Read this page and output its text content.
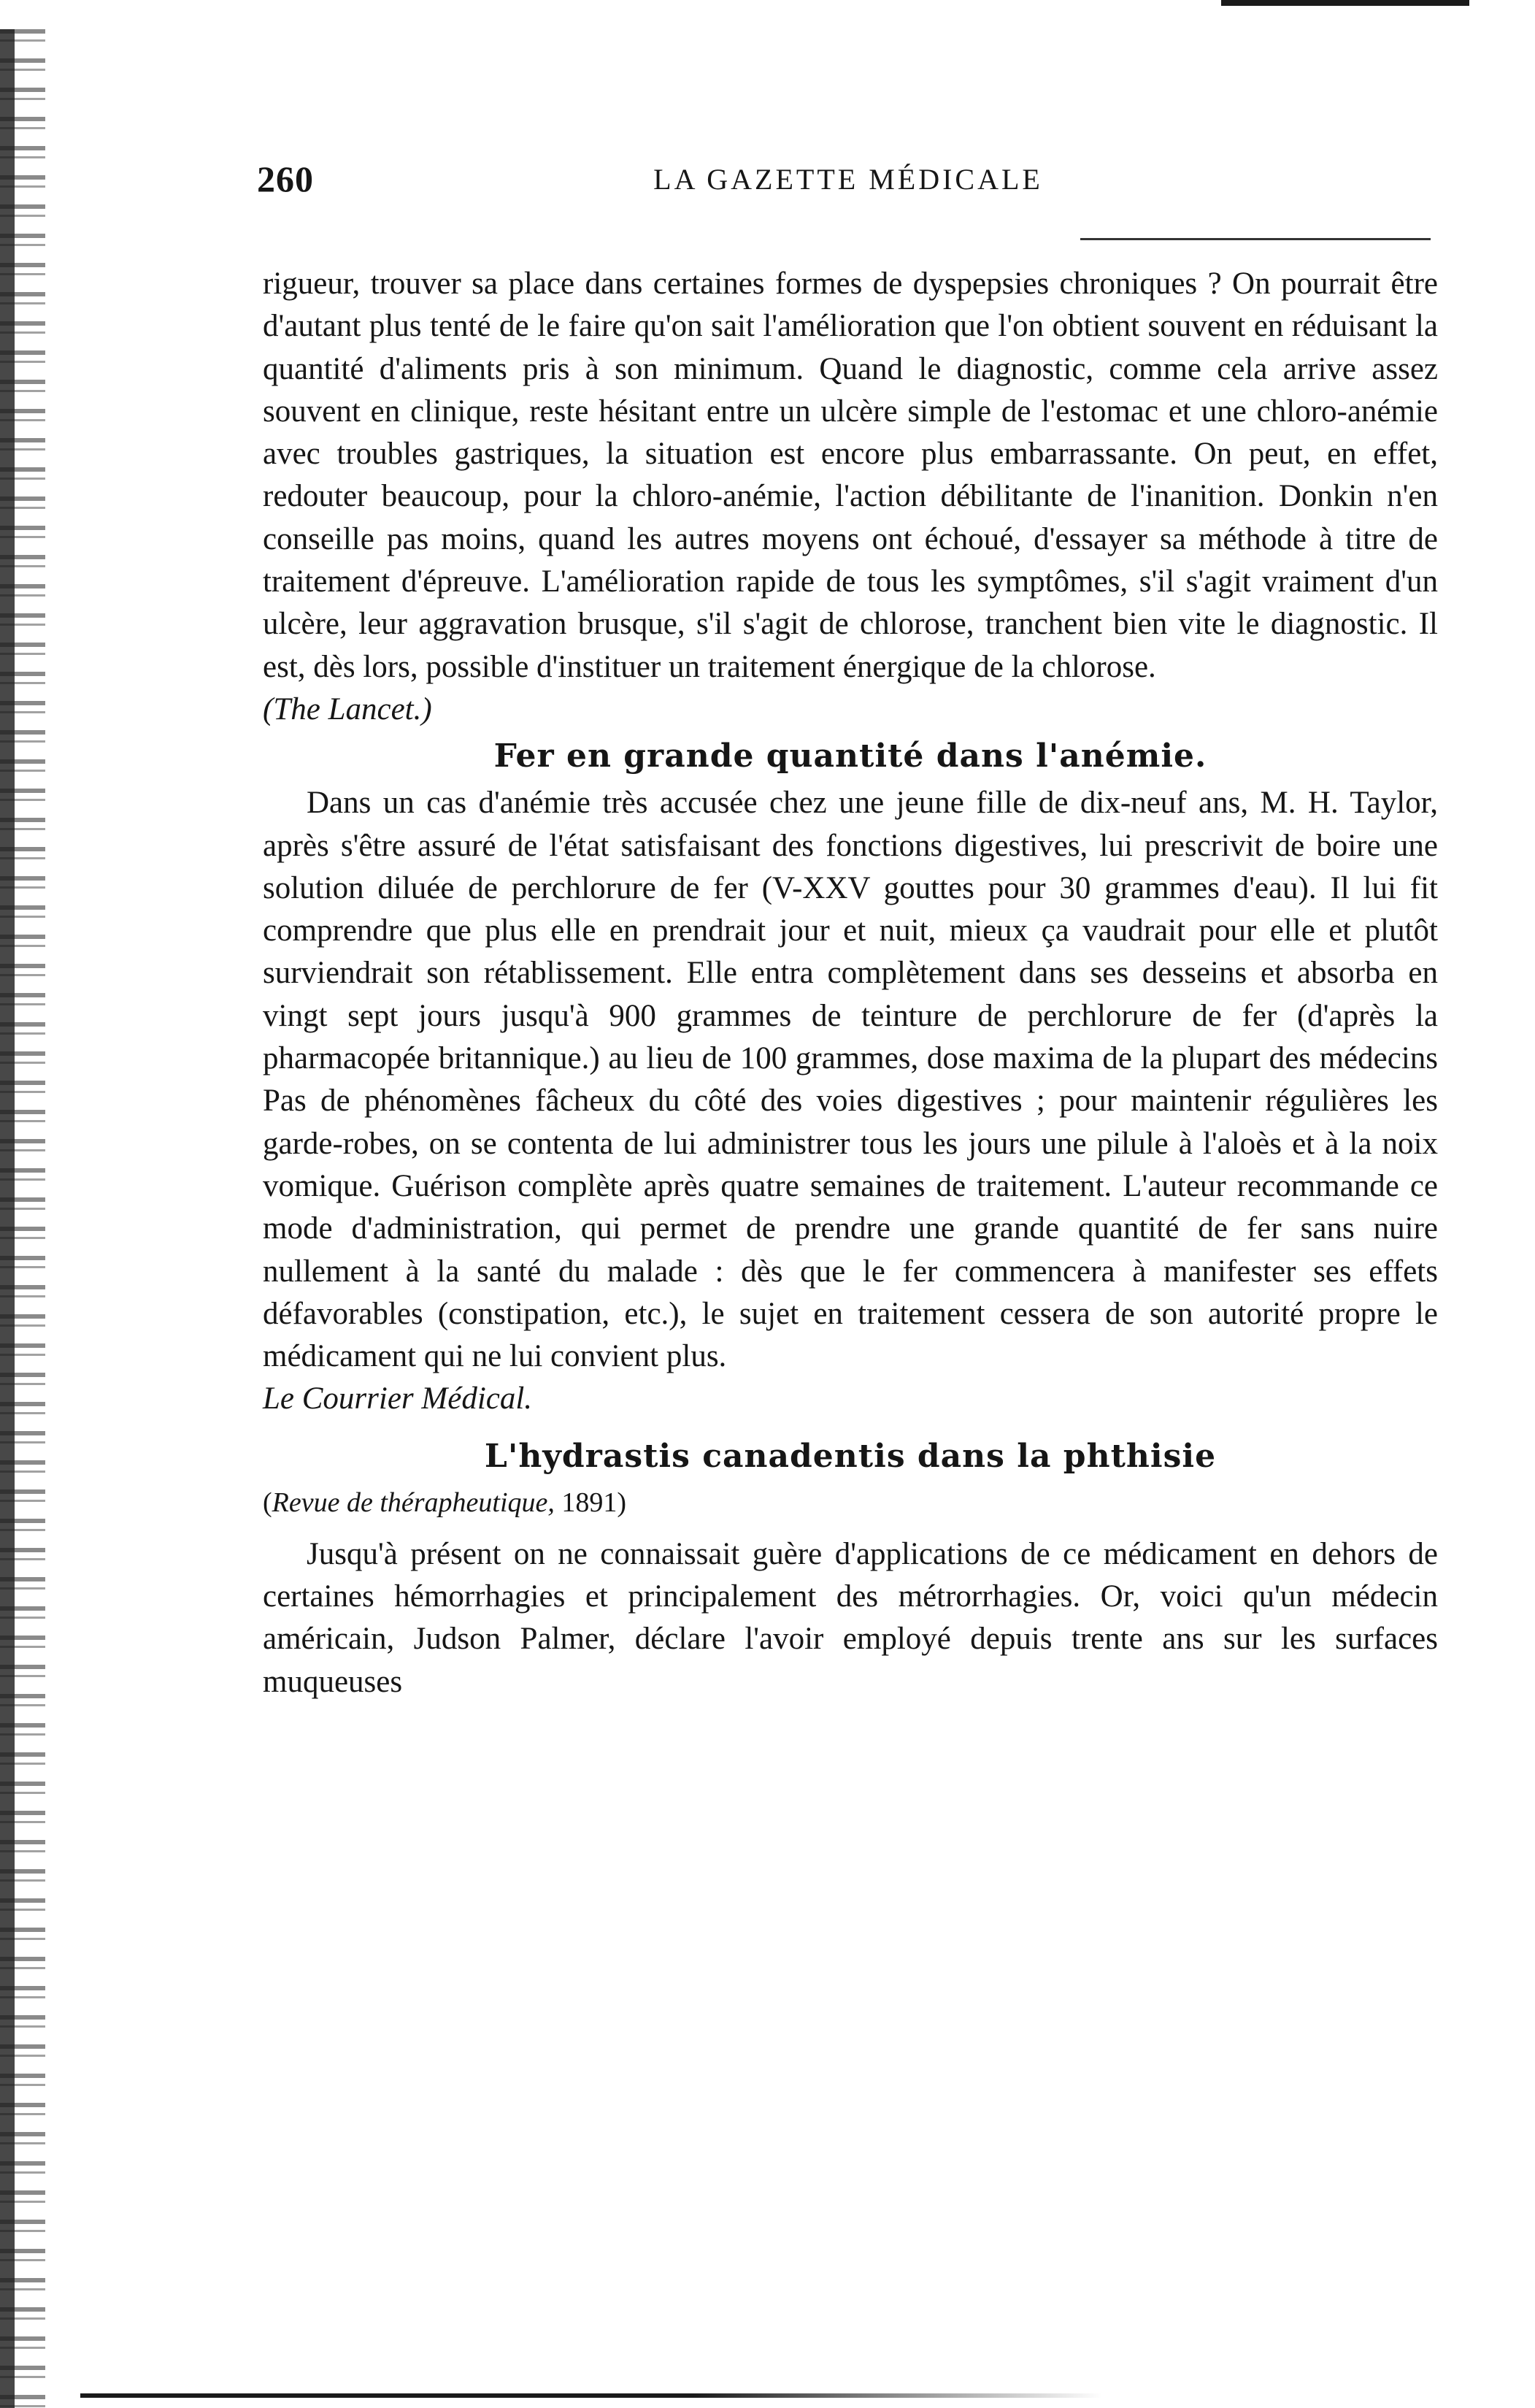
260	LA GAZETTE MÉDICALE

rigueur, trouver sa place dans certaines formes de dyspepsies chroniques ? On pourrait être d'autant plus tenté de le faire qu'on sait l'amélioration que l'on obtient souvent en réduisant la quantité d'aliments pris à son minimum. Quand le diagnostic, comme cela arrive assez souvent en clinique, reste hésitant entre un ulcère simple de l'estomac et une chloro-anémie avec troubles gastriques, la situation est encore plus embarrassante. On peut, en effet, redouter beaucoup, pour la chloro-anémie, l'action débilitante de l'inanition. Donkin n'en conseille pas moins, quand les autres moyens ont échoué, d'essayer sa méthode à titre de traitement d'épreuve. L'amélioration rapide de tous les symptômes, s'il s'agit vraiment d'un ulcère, leur aggravation brusque, s'il s'agit de chlorose, tranchent bien vite le diagnostic. Il est, dès lors, possible d'instituer un traitement énergique de la chlorose.

(The Lancet.)

Fer en grande quantité dans l'anémie.

Dans un cas d'anémie très accusée chez une jeune fille de dix-neuf ans, M. H. Taylor, après s'être assuré de l'état satisfaisant des fonctions digestives, lui prescrivit de boire une solution diluée de perchlorure de fer (V-XXV gouttes pour 30 grammes d'eau). Il lui fit comprendre que plus elle en prendrait jour et nuit, mieux ça vaudrait pour elle et plutôt surviendrait son rétablissement. Elle entra complètement dans ses desseins et absorba en vingt sept jours jusqu'à 900 grammes de teinture de perchlorure de fer (d'après la pharmacopée britannique.) au lieu de 100 grammes, dose maxima de la plupart des médecins Pas de phénomènes fâcheux du côté des voies digestives ; pour maintenir régulières les garde-robes, on se contenta de lui administrer tous les jours une pilule à l'aloès et à la noix vomique. Guérison complète après quatre semaines de traitement. L'auteur recommande ce mode d'administration, qui permet de prendre une grande quantité de fer sans nuire nullement à la santé du malade : dès que le fer commencera à manifester ses effets défavorables (constipation, etc.), le sujet en traitement cessera de son autorité propre le médicament qui ne lui convient plus.

Le Courrier Médical.

L'hydrastis canadentis dans la phthisie

(Revue de thérapheutique, 1891)

Jusqu'à présent on ne connaissait guère d'applications de ce médicament en dehors de certaines hémorrhagies et principalement des métrorrhagies. Or, voici qu'un médecin américain, Judson Palmer, déclare l'avoir employé depuis trente ans sur les surfaces muqueuses
